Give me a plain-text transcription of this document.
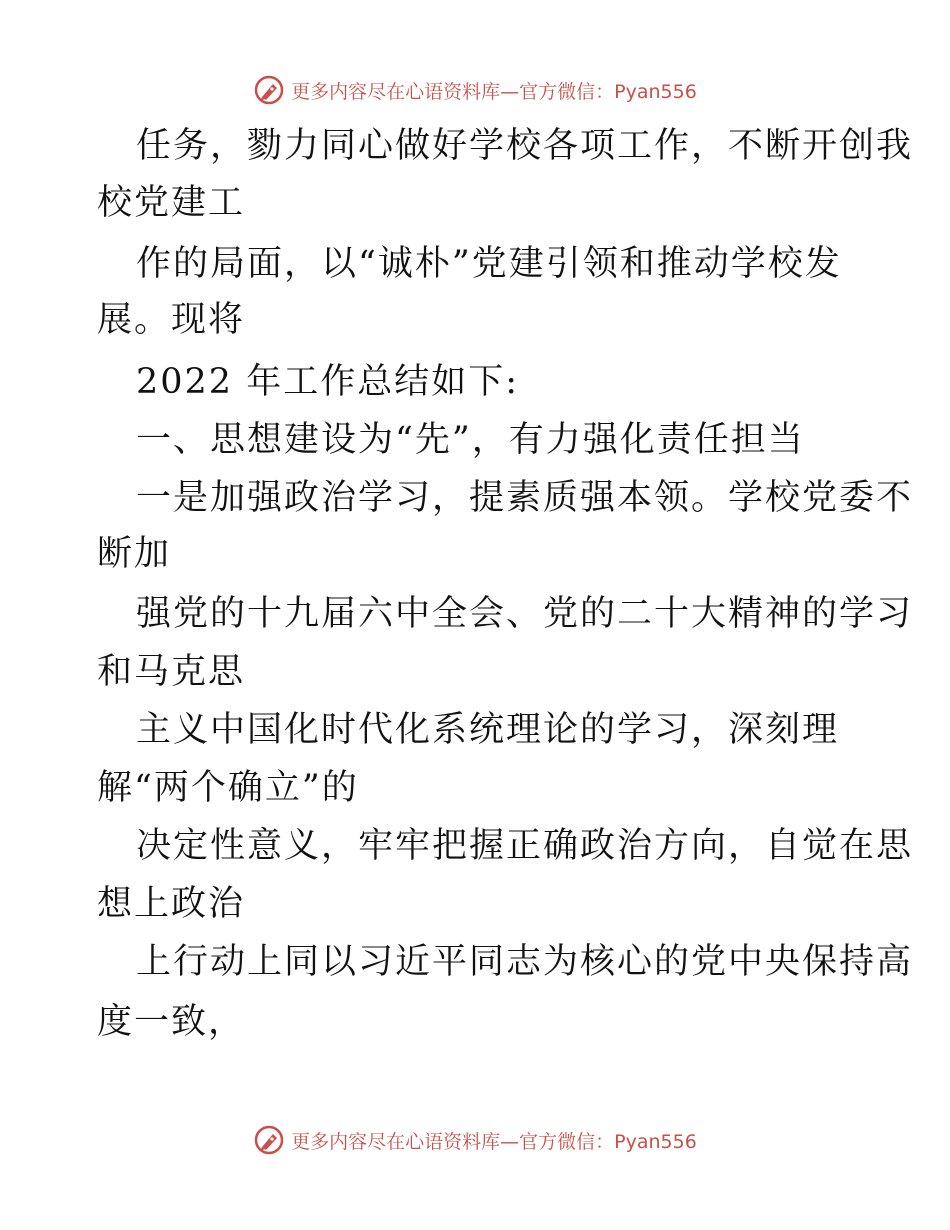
更多内容尽在心语资料库—官方微信：Pyan556
任务，勠力同心做好学校各项工作，不断开创我
校党建工
作的局面，以“诚朴”党建引领和推动学校发
展。现将
2022 年工作总结如下:
一、思想建设为“先”，有力强化责任担当
一是加强政治学习，提素质强本领。学校党委不
断加
强党的十九届六中全会、党的二十大精神的学习
和马克思
主义中国化时代化系统理论的学习，深刻理
解“两个确立”的
决定性意义，牢牢把握正确政治方向，自觉在思
想上政治
上行动上同以习近平同志为核心的党中央保持高
度一致，
更多内容尽在心语资料库—官方微信：Pyan556
